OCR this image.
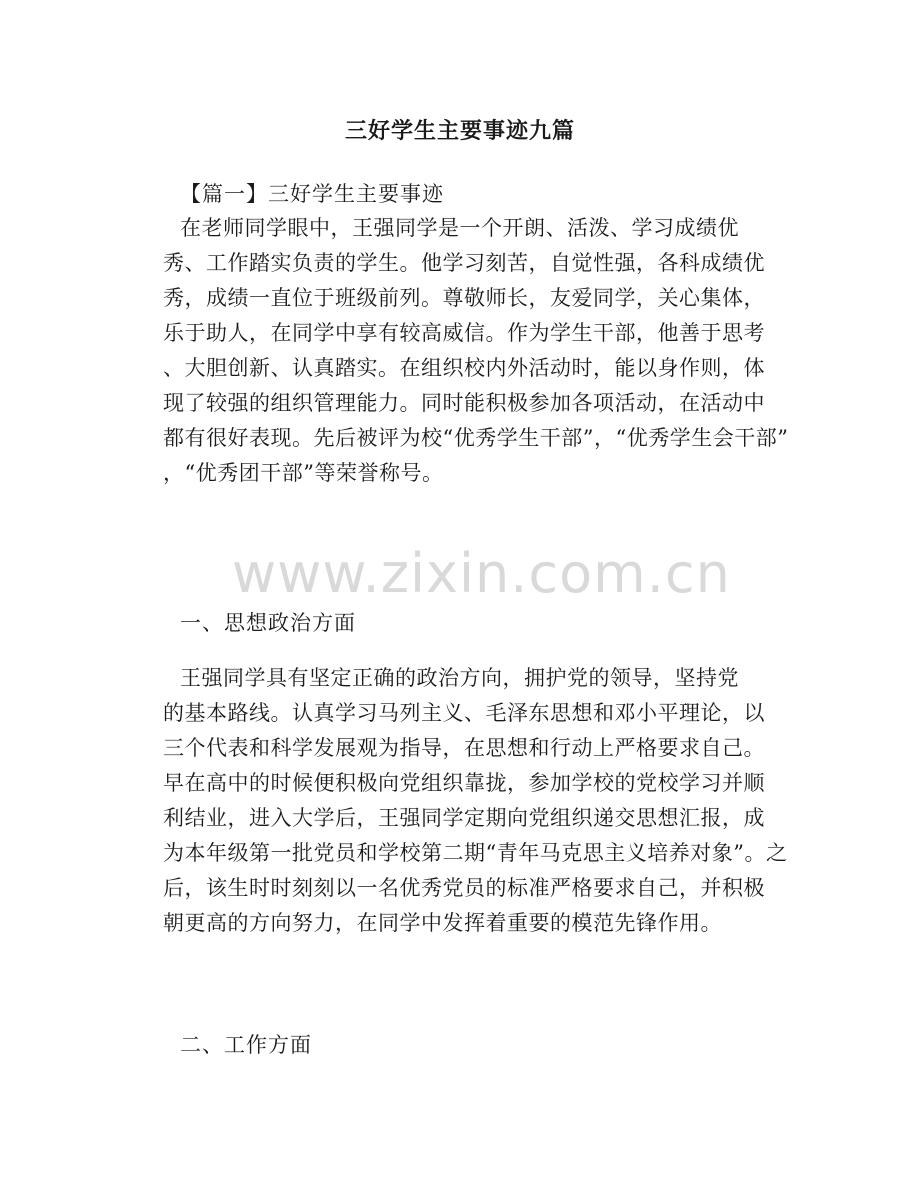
三好学生主要事迹九篇
【篇一】三好学生主要事迹
在老师同学眼中，王强同学是一个开朗、活泼、学习成绩优
秀、工作踏实负责的学生。他学习刻苦，自觉性强，各科成绩优
秀，成绩一直位于班级前列。尊敬师长，友爱同学，关心集体，
乐于助人，在同学中享有较高威信。作为学生干部，他善于思考
、大胆创新、认真踏实。在组织校内外活动时，能以身作则，体
现了较强的组织管理能力。同时能积极参加各项活动，在活动中
都有很好表现。先后被评为校“优秀学生干部”，“优秀学生会干部”
，“优秀团干部”等荣誉称号。
一、思想政治方面
王强同学具有坚定正确的政治方向，拥护党的领导，坚持党
的基本路线。认真学习马列主义、毛泽东思想和邓小平理论，以
三个代表和科学发展观为指导，在思想和行动上严格要求自己。
早在高中的时候便积极向党组织靠拢，参加学校的党校学习并顺
利结业，进入大学后，王强同学定期向党组织递交思想汇报，成
为本年级第一批党员和学校第二期“青年马克思主义培养对象”。之
后，该生时时刻刻以一名优秀党员的标准严格要求自己，并积极
朝更高的方向努力，在同学中发挥着重要的模范先锋作用。
二、工作方面
www.zixin.com.cn
